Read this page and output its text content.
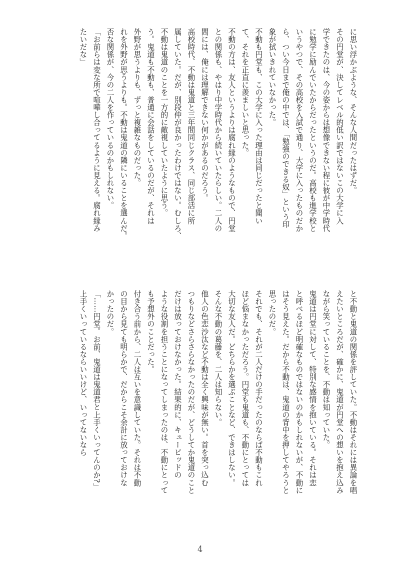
に思い浮かぶような、そんな人間だったはずだ。
その円堂が、決してレベル的低い訳ではないこの大学に入
学できたのは、今の姿からは想像できない程に彼が中学時代
に勉学に励んでいたからだったというのだ。高校も進学校と
いうやつで、その高校を入試で通り、大学に入ったものだか
ら、つい今日まで俺の中では、「勉強のできる奴」という印
象が拭いきれていなかった。
不動も円堂も、この大学に入った理由は同じだったと聞い
て、それを正直に羨ましいと思った。
不動の方は、友人というよりは腐れ縁のようなもので、円堂
との関係も、やはり中学時代から続いていたらしい。二人の
間には、俺には理解できない何かがあるのだろう。
高校時代、不動は鬼道と三年間同じクラス、同じ部活に所
属していた。だが、別段仲が良かったわけではない。むしろ、
不動は鬼道のことを一方的に敵視していたように思う。
う。鬼道も不動も、普通に会話をしているのだが、それは
外野が思うよりも、ずっと複雑なものだった。
れを外野が思うよりも。不動は鬼道の隣にいることを選んだ。
否な関係が、今の二人を作っているのかもしれない。
「お前らは変な所で喧嘩し合ってるように見える。腐れ縁み
たいだな」
と不動と鬼道の関係を評していた。不動はそれには異論を唱
えたいところだが、確かに、鬼道が円堂への想いを抱え込み
ながら笑っていることを、不動は知っていた。
鬼道は円堂に対して、特別な感情を抱いている。それは恋
と呼べるほど明確なものではないのかもしれないが、不動に
はそう見えた。だから不動は、鬼道の背中を押してやろうと
思ったのだ。
それでも、それが二人だけの手だったのならば不動もこれ
ほど悩まなかっただろう。円堂も鬼道も、不動にとっては
大切な友人だ。どちらかを選ぶことなど、できはしない。
そんな不動の葛藤を、二人は知らない。
他人の色恋沙汰など不動は全く興味が無い。首を突っ込む
つもりなどさらさらなかったのだが、どうしてか鬼道のこと
だけは放っておけなかった。結果的に、キューピッドの
ような役割を担うことになってしまったのは、不動にとって
も予想外のことだった。
付き合う前から、二人は互いを意識していた。それは不動
の目から見ても明らかで、だからこそ余計に放っておけな
かったのだ。
「……円堂。お前、鬼道は鬼道君と上手くいってんのか?」
上手くいっているならいいけど、いってないなら
4
